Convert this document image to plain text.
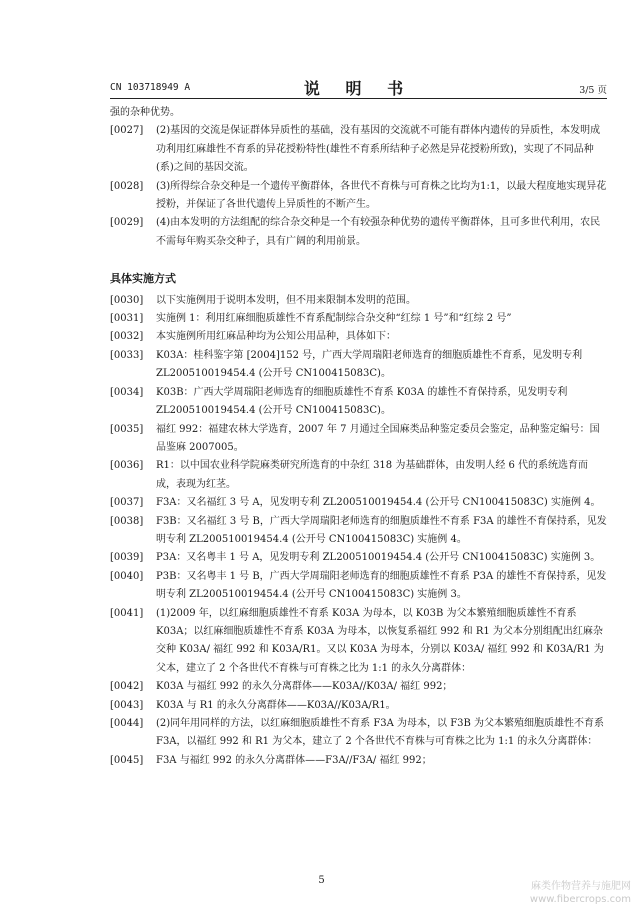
CN 103718949 A	说 明 书	3/5 页

强的杂种优势。

[0027] (2)基因的交流是保证群体异质性的基础，没有基因的交流就不可能有群体内遗传的异质性，本发明成功利用红麻雄性不育系的异花授粉特性(雄性不育系所结种子必然是异花授粉所致)，实现了不同品种(系)之间的基因交流。

[0028] (3)所得综合杂交种是一个遗传平衡群体，各世代不育株与可育株之比均为1:1，以最大程度地实现异花授粉，并保证了各世代遗传上异质性的不断产生。

[0029] (4)由本发明的方法组配的综合杂交种是一个有较强杂种优势的遗传平衡群体，且可多世代利用，农民不需每年购买杂交种子，具有广阔的利用前景。

具体实施方式

[0030] 以下实施例用于说明本发明，但不用来限制本发明的范围。

[0031] 实施例 1：利用红麻细胞质雄性不育系配制综合杂交种“红综 1 号”和“红综 2 号”

[0032] 本实施例所用红麻品种均为公知公用品种，具体如下：

[0033] K03A：桂科鉴字第 [2004]152 号，广西大学周瑞阳老师选育的细胞质雄性不育系，见发明专利 ZL200510019454.4 (公开号 CN100415083C)。

[0034] K03B：广西大学周瑞阳老师选育的细胞质雄性不育系 K03A 的雄性不育保持系，见发明专利 ZL200510019454.4 (公开号 CN100415083C)。

[0035] 福红 992：福建农林大学选育，2007 年 7 月通过全国麻类品种鉴定委员会鉴定，品种鉴定编号：国品鉴麻 2007005。

[0036] R1：以中国农业科学院麻类研究所选育的中杂红 318 为基础群体，由发明人经 6 代的系统选育而成，表现为红茎。

[0037] F3A：又名福红 3 号 A，见发明专利 ZL200510019454.4 (公开号 CN100415083C) 实施例 4。

[0038] F3B：又名福红 3 号 B，广西大学周瑞阳老师选育的细胞质雄性不育系 F3A 的雄性不育保持系，见发明专利 ZL200510019454.4 (公开号 CN100415083C) 实施例 4。

[0039] P3A：又名粤丰 1 号 A，见发明专利 ZL200510019454.4 (公开号 CN100415083C) 实施例 3。

[0040] P3B：又名粤丰 1 号 B，广西大学周瑞阳老师选育的细胞质雄性不育系 P3A 的雄性不育保持系，见发明专利 ZL200510019454.4 (公开号 CN100415083C) 实施例 3。

[0041] (1)2009 年，以红麻细胞质雄性不育系 K03A 为母本，以 K03B 为父本繁殖细胞质雄性不育系 K03A；以红麻细胞质雄性不育系 K03A 为母本，以恢复系福红 992 和 R1 为父本分别组配出红麻杂交种 K03A/ 福红 992 和 K03A/R1。又以 K03A 为母本，分别以 K03A/ 福红 992 和 K03A/R1 为父本，建立了 2 个各世代不育株与可育株之比为 1:1 的永久分离群体：

[0042] K03A 与福红 992 的永久分离群体——K03A//K03A/ 福红 992；

[0043] K03A 与 R1 的永久分离群体——K03A//K03A/R1。

[0044] (2)同年用同样的方法，以红麻细胞质雄性不育系 F3A 为母本，以 F3B 为父本繁殖细胞质雄性不育系 F3A，以福红 992 和 R1 为父本，建立了 2 个各世代不育株与可育株之比为 1:1 的永久分离群体：

[0045] F3A 与福红 992 的永久分离群体——F3A//F3A/ 福红 992；

5
麻类作物营养与施肥网
www.fibercrops.com
